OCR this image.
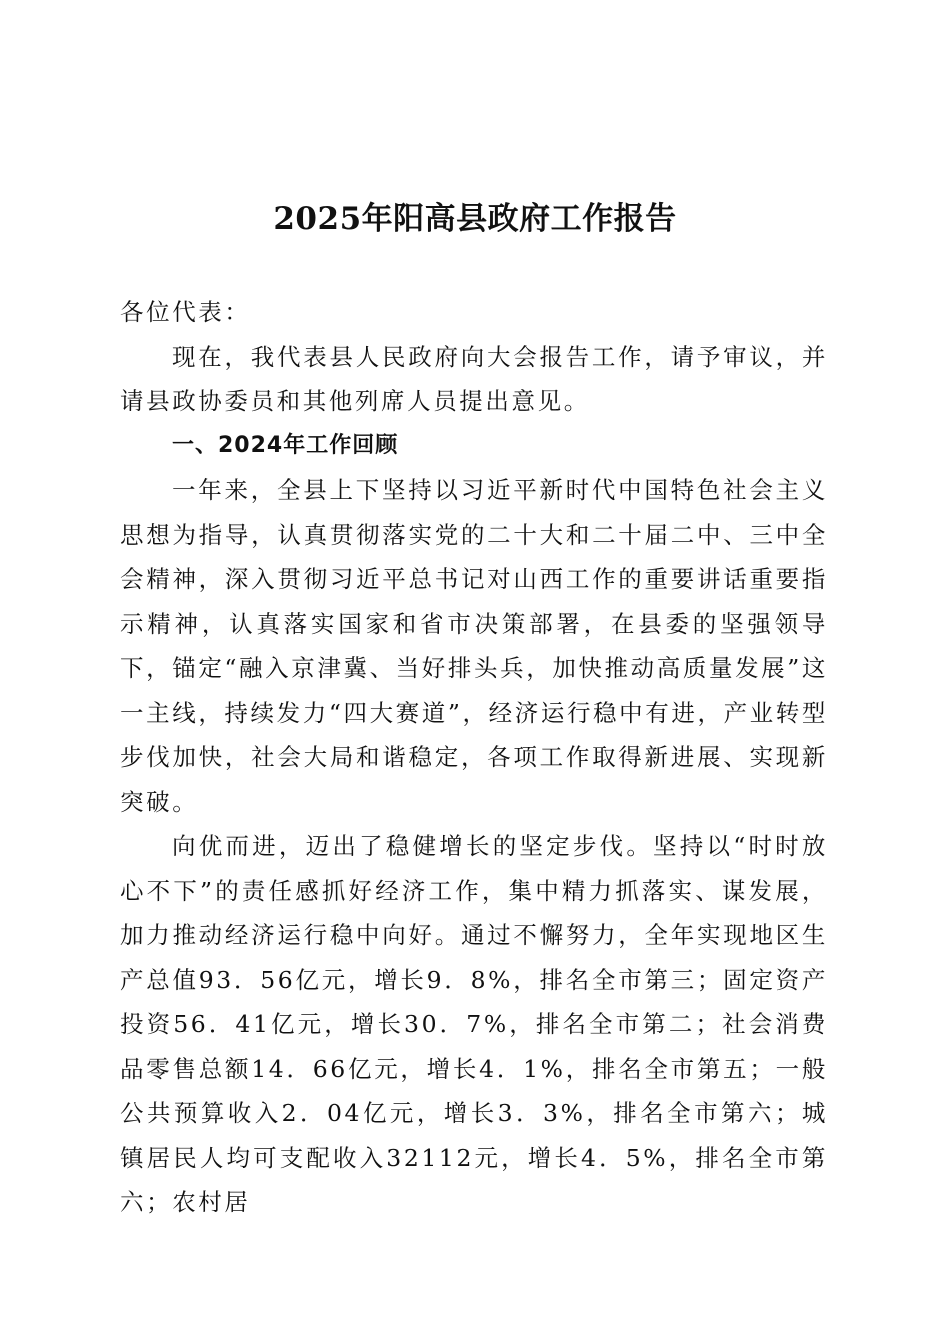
2025年阳高县政府工作报告

各位代表：

现在，我代表县人民政府向大会报告工作，请予审议，并请县政协委员和其他列席人员提出意见。

一、2024年工作回顾

一年来，全县上下坚持以习近平新时代中国特色社会主义思想为指导，认真贯彻落实党的二十大和二十届二中、三中全会精神，深入贯彻习近平总书记对山西工作的重要讲话重要指示精神，认真落实国家和省市决策部署，在县委的坚强领导下，锚定“融入京津冀、当好排头兵，加快推动高质量发展”这一主线，持续发力“四大赛道”，经济运行稳中有进，产业转型步伐加快，社会大局和谐稳定，各项工作取得新进展、实现新突破。

向优而进，迈出了稳健增长的坚定步伐。坚持以“时时放心不下”的责任感抓好经济工作，集中精力抓落实、谋发展，加力推动经济运行稳中向好。通过不懈努力，全年实现地区生产总值93．56亿元，增长9．8%，排名全市第三；固定资产投资56．41亿元，增长30．7%，排名全市第二；社会消费品零售总额14．66亿元，增长4．1%，排名全市第五；一般公共预算收入2．04亿元，增长3．3%，排名全市第六；城镇居民人均可支配收入32112元，增长4．5%，排名全市第六；农村居
